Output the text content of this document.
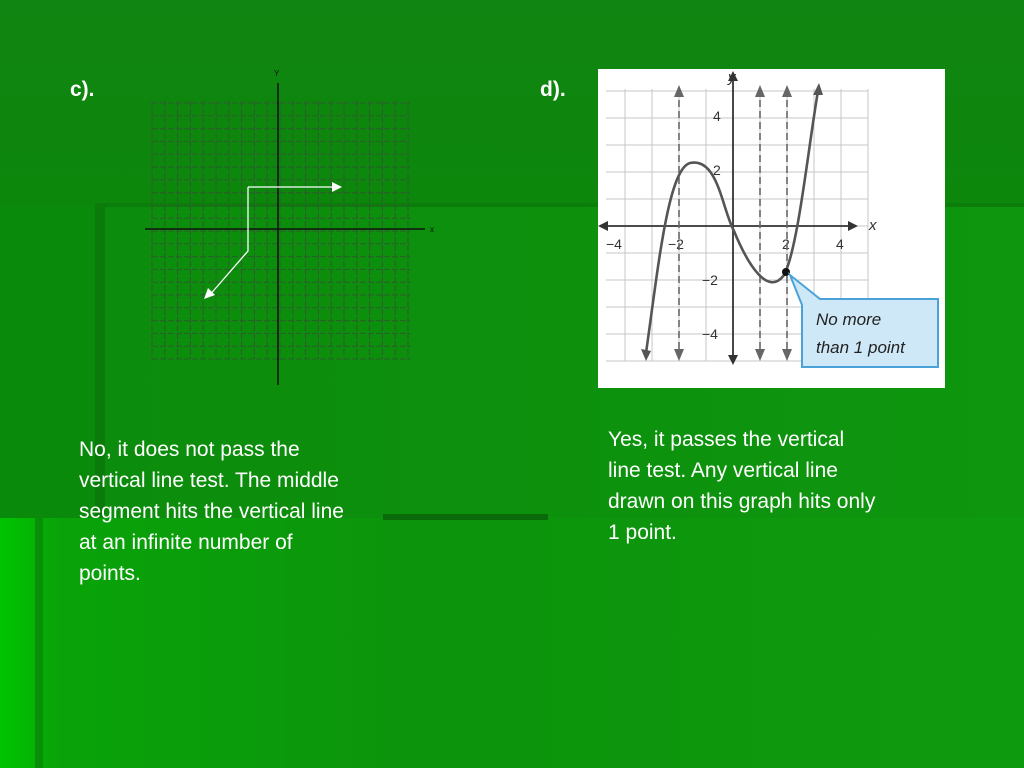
c).	d).
x
Y
x
y
−4	−2	2	4
4
2
−2
−4
No more
than 1 point
No, it does not pass the
vertical line test. The middle
segment hits the vertical line
at an infinite number of
points.
Yes, it passes the vertical
line test. Any vertical line
drawn on this graph hits only
1 point.
